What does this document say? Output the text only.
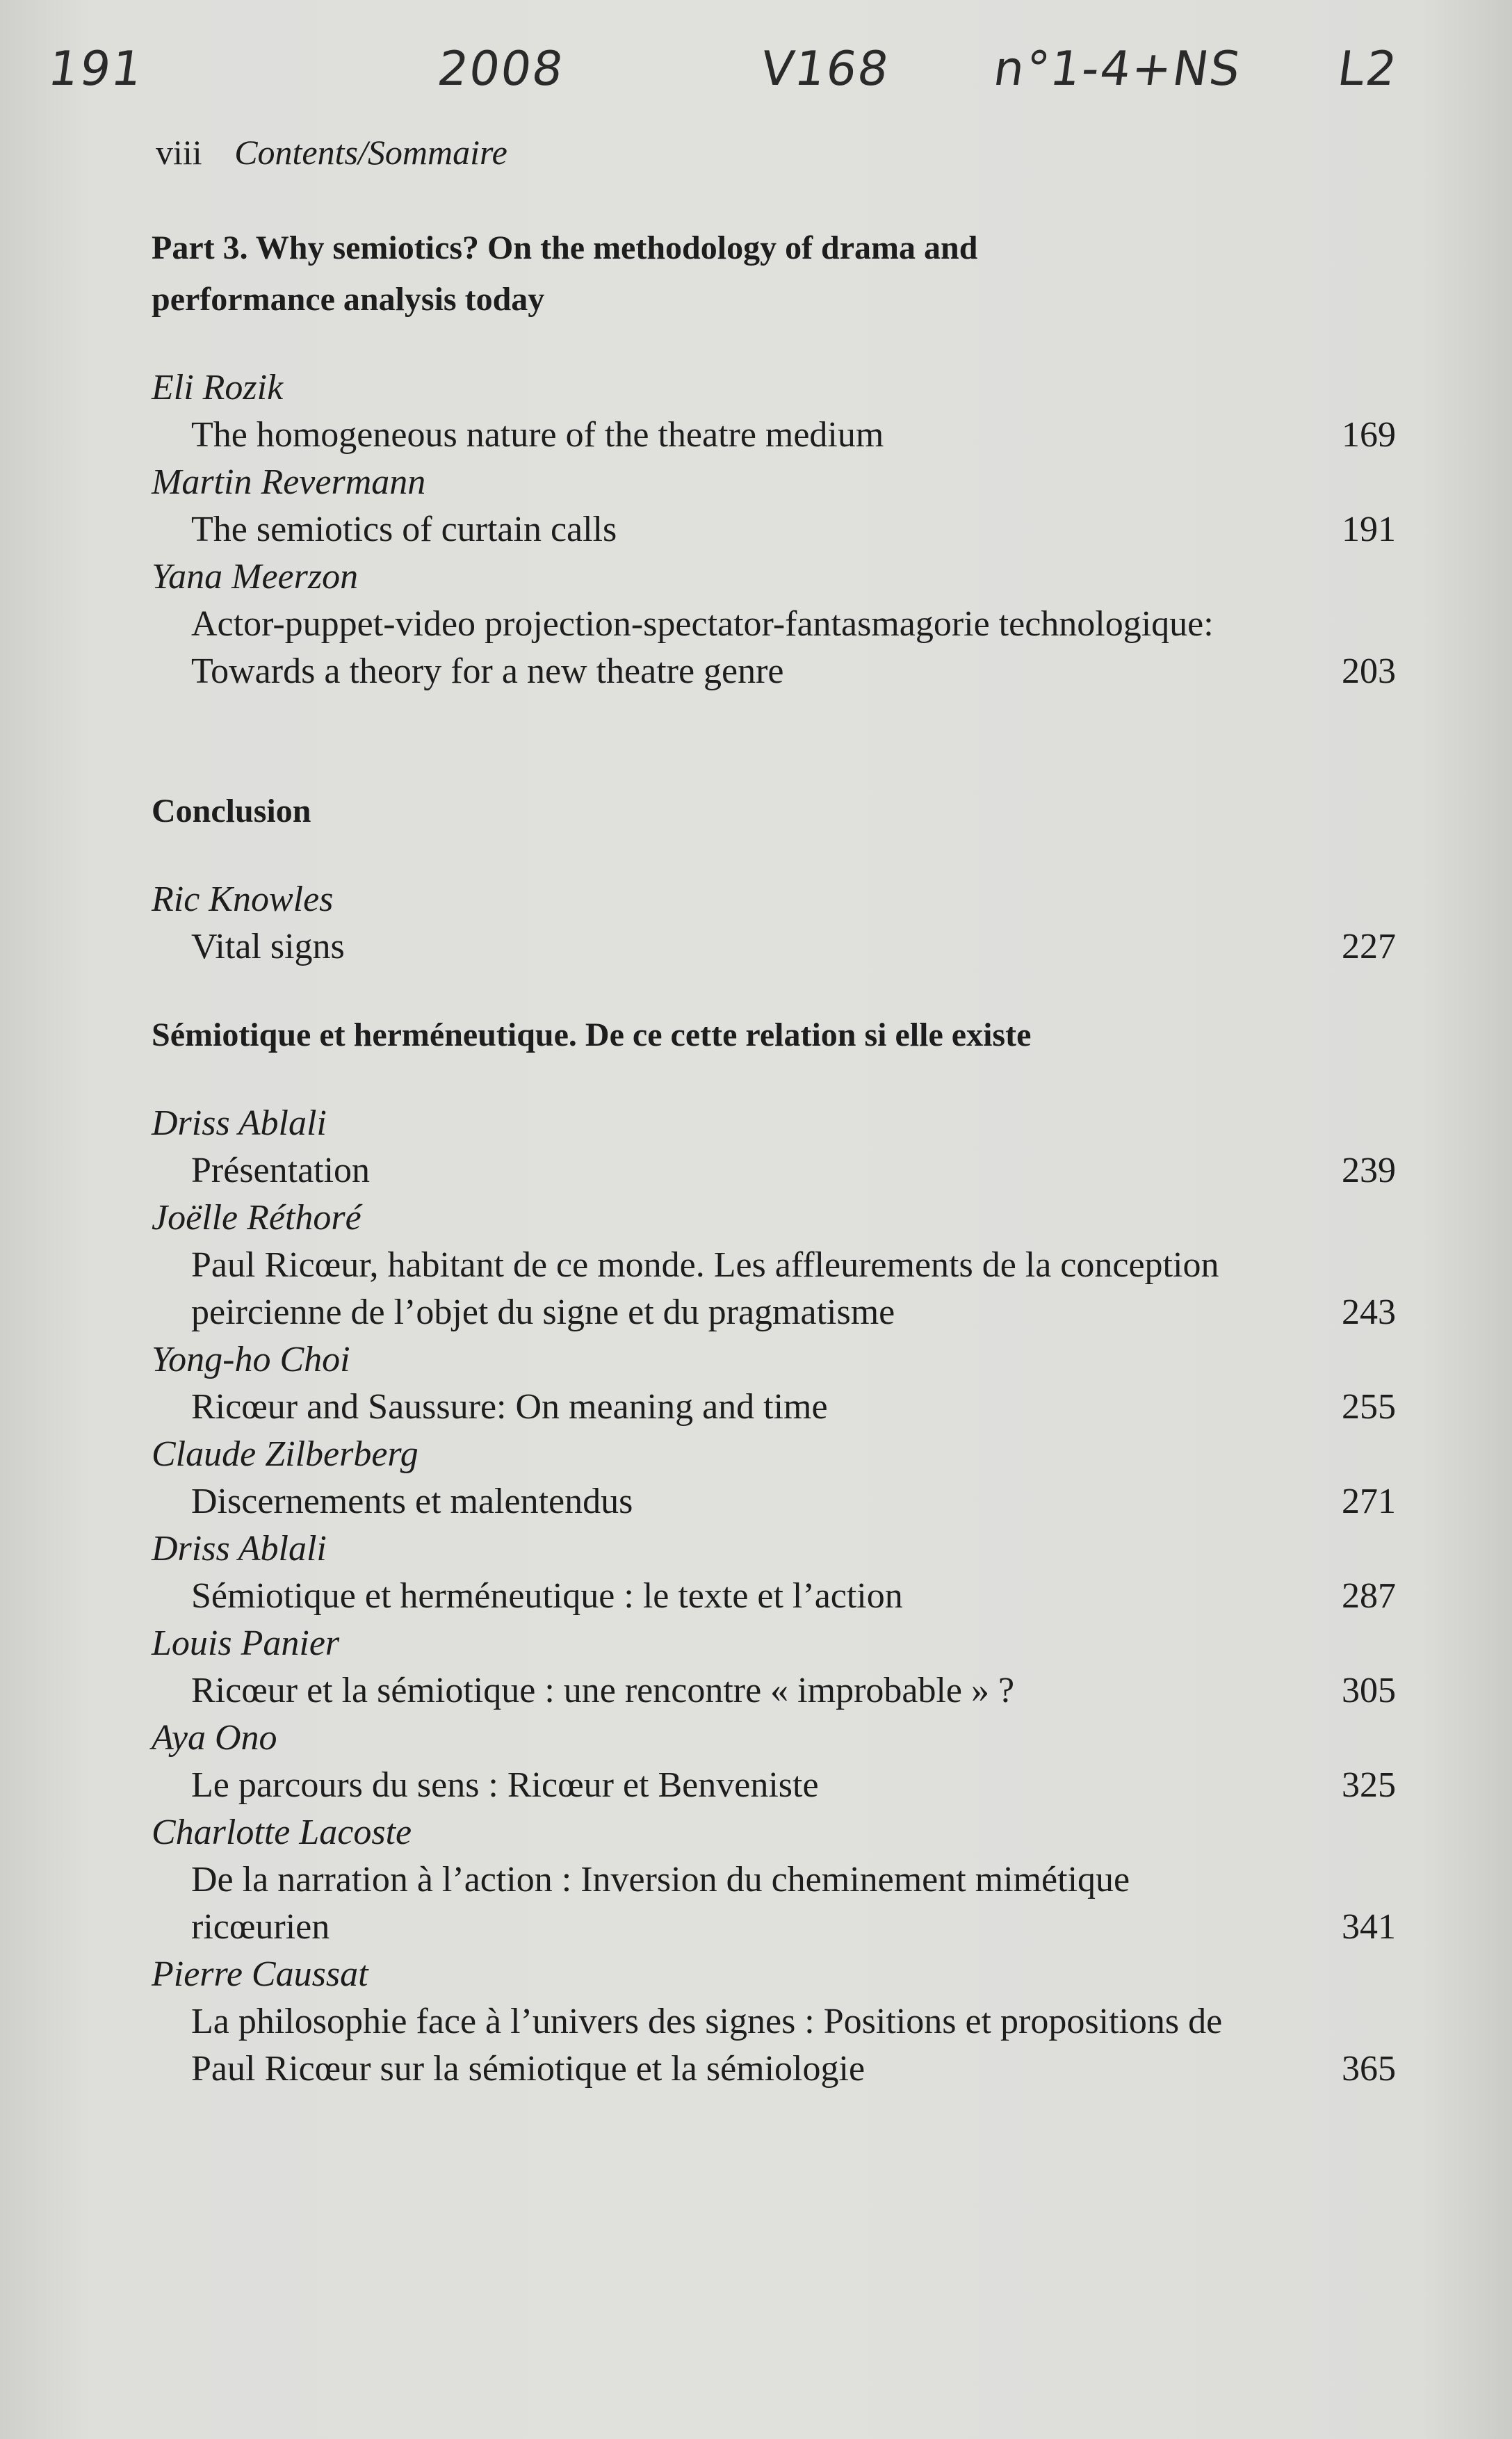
191	2008	V168 n°1-4+NS L2
viii Contents/Sommaire
Part 3. Why semiotics? On the methodology of drama and performance analysis today
Eli Rozik
The homogeneous nature of the theatre medium	169
Martin Revermann
The semiotics of curtain calls	191
Yana Meerzon
Actor-puppet-video projection-spectator-fantasmagorie technologique: Towards a theory for a new theatre genre	203
Conclusion
Ric Knowles
Vital signs	227
Sémiotique et herméneutique. De ce cette relation si elle existe
Driss Ablali
Présentation	239
Joëlle Réthoré
Paul Ricœur, habitant de ce monde. Les affleurements de la conception peircienne de l’objet du signe et du pragmatisme	243
Yong-ho Choi
Ricœur and Saussure: On meaning and time	255
Claude Zilberberg
Discernements et malentendus	271
Driss Ablali
Sémiotique et herméneutique : le texte et l’action	287
Louis Panier
Ricœur et la sémiotique : une rencontre « improbable » ?	305
Aya Ono
Le parcours du sens : Ricœur et Benveniste	325
Charlotte Lacoste
De la narration à l’action : Inversion du cheminement mimétique ricœurien	341
Pierre Caussat
La philosophie face à l’univers des signes : Positions et propositions de Paul Ricœur sur la sémiotique et la sémiologie	365
